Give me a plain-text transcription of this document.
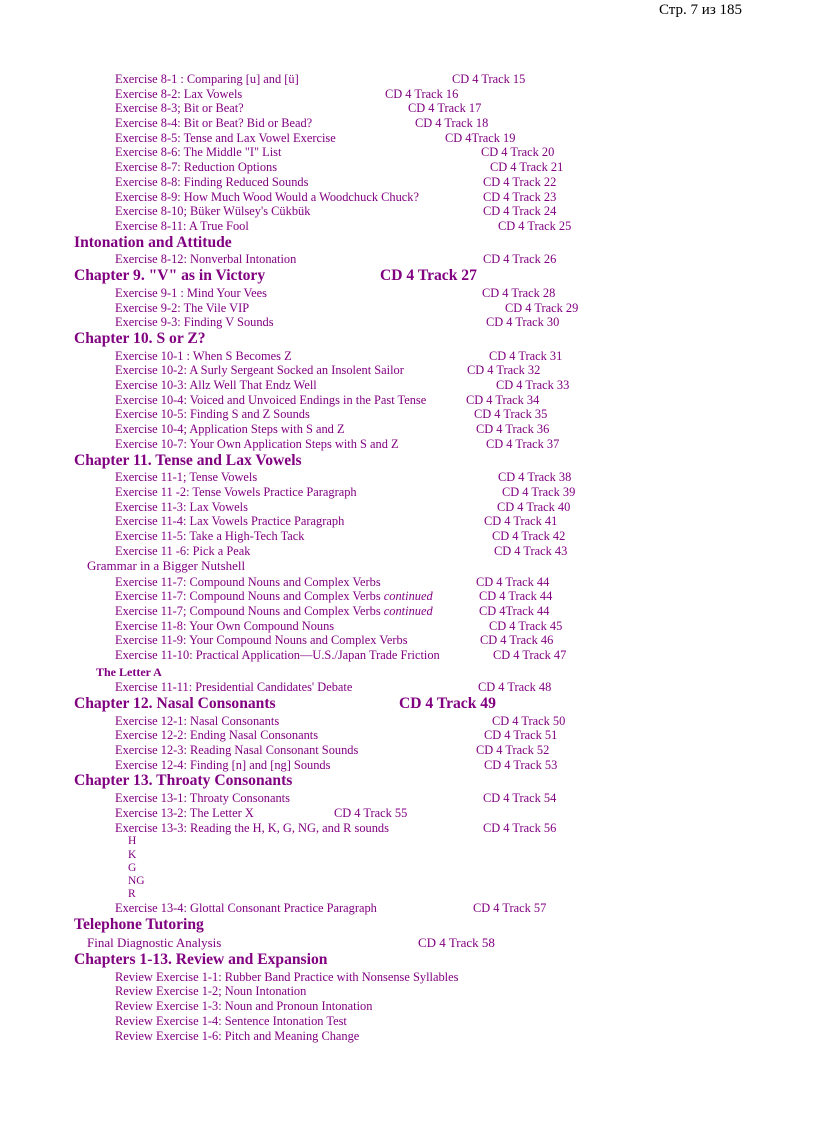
Стр. 7 из 185
Exercise 8-1 : Comparing [u] and [ü]	CD 4 Track 15
Exercise 8-2: Lax Vowels	CD 4 Track 16
Exercise 8-3; Bit or Beat?	CD 4 Track 17
Exercise 8-4: Bit or Beat? Bid or Bead?	CD 4 Track 18
Exercise 8-5: Tense and Lax Vowel Exercise	CD 4Track 19
Exercise 8-6: The Middle "I" List	CD 4 Track 20
Exercise 8-7: Reduction Options	CD 4 Track 21
Exercise 8-8: Finding Reduced Sounds	CD 4 Track 22
Exercise 8-9: How Much Wood Would a Woodchuck Chuck?	CD 4 Track 23
Exercise 8-10; Büker Wülsey's Cükbük	CD 4 Track 24
Exercise 8-11: A True Fool	CD 4 Track 25
Intonation and Attitude
Exercise 8-12: Nonverbal Intonation	CD 4 Track 26
Chapter 9. "V" as in Victory	CD 4 Track 27
Exercise 9-1 : Mind Your Vees	CD 4 Track 28
Exercise 9-2: The Vile VIP	CD 4 Track 29
Exercise 9-3: Finding V Sounds	CD 4 Track 30
Chapter 10. S or Z?
Exercise 10-1 : When S Becomes Z	CD 4 Track 31
Exercise 10-2: A Surly Sergeant Socked an Insolent Sailor	CD 4 Track 32
Exercise 10-3: Allz Well That Endz Well	CD 4 Track 33
Exercise 10-4: Voiced and Unvoiced Endings in the Past Tense	CD 4 Track 34
Exercise 10-5: Finding S and Z Sounds	CD 4 Track 35
Exercise 10-4; Application Steps with S and Z	CD 4 Track 36
Exercise 10-7: Your Own Application Steps with S and Z	CD 4 Track 37
Chapter 11. Tense and Lax Vowels
Exercise 11-1; Tense Vowels	CD 4 Track 38
Exercise 11 -2: Tense Vowels Practice Paragraph	CD 4 Track 39
Exercise 11-3: Lax Vowels	CD 4 Track 40
Exercise 11-4: Lax Vowels Practice Paragraph	CD 4 Track 41
Exercise 11-5: Take a High-Tech Tack	CD 4 Track 42
Exercise 11 -6: Pick a Peak	CD 4 Track 43
Grammar in a Bigger Nutshell
Exercise 11-7: Compound Nouns and Complex Verbs	CD 4 Track 44
Exercise 11-7: Compound Nouns and Complex Verbs continued	CD 4 Track 44
Exercise 11-7; Compound Nouns and Complex Verbs continued	CD 4Track 44
Exercise 11-8: Your Own Compound Nouns	CD 4 Track 45
Exercise 11-9: Your Compound Nouns and Complex Verbs	CD 4 Track 46
Exercise 11-10: Practical Application—U.S./Japan Trade Friction	CD 4 Track 47
The Letter A
Exercise 11-11: Presidential Candidates' Debate	CD 4 Track 48
Chapter 12. Nasal Consonants	CD 4 Track 49
Exercise 12-1: Nasal Consonants	CD 4 Track 50
Exercise 12-2: Ending Nasal Consonants	CD 4 Track 51
Exercise 12-3: Reading Nasal Consonant Sounds	CD 4 Track 52
Exercise 12-4: Finding [n] and [ng] Sounds	CD 4 Track 53
Chapter 13. Throaty Consonants
Exercise 13-1: Throaty Consonants	CD 4 Track 54
Exercise 13-2: The Letter X	CD 4 Track 55
Exercise 13-3: Reading the H, K, G, NG, and R sounds	CD 4 Track 56
H
K
G
NG
R
Exercise 13-4: Glottal Consonant Practice Paragraph	CD 4 Track 57
Telephone Tutoring
Final Diagnostic Analysis	CD 4 Track 58
Chapters 1-13. Review and Expansion
Review Exercise 1-1: Rubber Band Practice with Nonsense Syllables
Review Exercise 1-2; Noun Intonation
Review Exercise 1-3: Noun and Pronoun Intonation
Review Exercise 1-4: Sentence Intonation Test
Review Exercise 1-6: Pitch and Meaning Change
